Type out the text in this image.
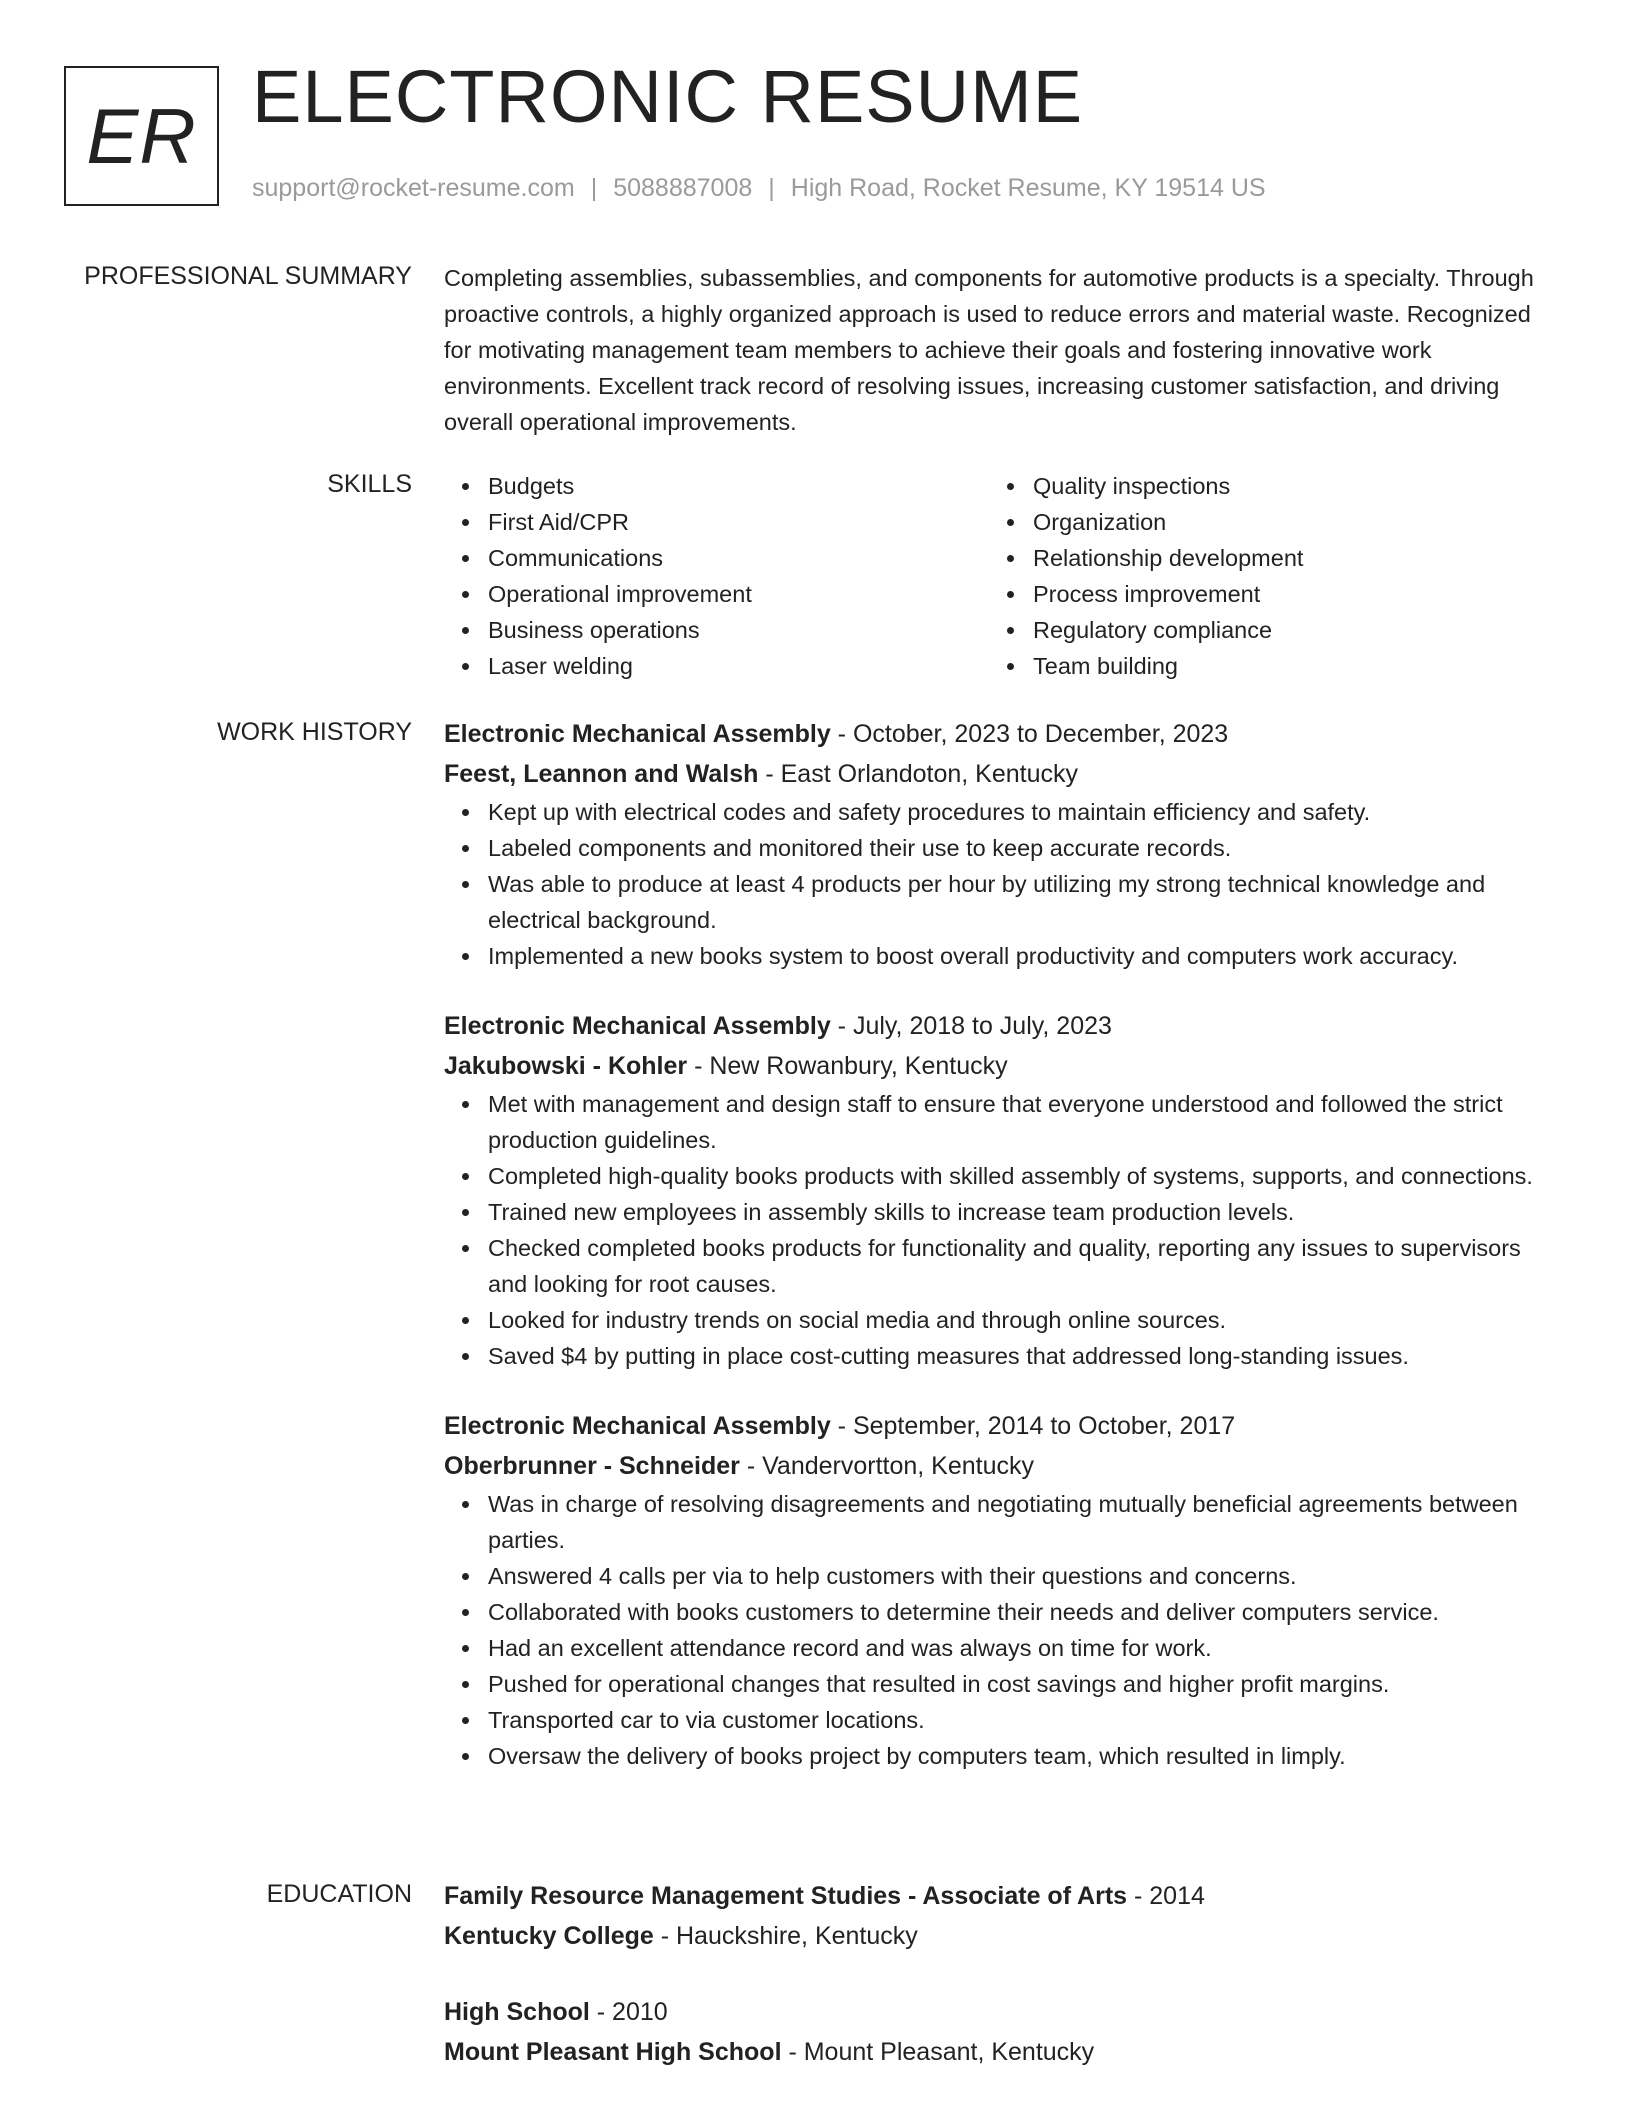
ER ELECTRONIC RESUME
support@rocket-resume.com | 5088887008 | High Road, Rocket Resume, KY 19514 US
PROFESSIONAL SUMMARY Completing assemblies, subassemblies, and components for automotive products is a specialty. Through proactive controls, a highly organized approach is used to reduce errors and material waste. Recognized for motivating management team members to achieve their goals and fostering innovative work environments. Excellent track record of resolving issues, increasing customer satisfaction, and driving overall operational improvements.

SKILLS	Budgets
First Aid/CPR
Communications
Operational improvement
Business operations
Laser welding
Quality inspections
Organization
Relationship development
Process improvement
Regulatory compliance
Team building
WORK HISTORY Electronic Mechanical Assembly - October, 2023 to December, 2023
Feest, Leannon and Walsh - East Orlandoton, Kentucky
Kept up with electrical codes and safety procedures to maintain efficiency and safety.
Labeled components and monitored their use to keep accurate records.
Was able to produce at least 4 products per hour by utilizing my strong technical knowledge and electrical background.
Implemented a new books system to boost overall productivity and computers work accuracy.
Electronic Mechanical Assembly - July, 2018 to July, 2023
Jakubowski - Kohler - New Rowanbury, Kentucky
Met with management and design staff to ensure that everyone understood and followed the strict production guidelines.
Completed high-quality books products with skilled assembly of systems, supports, and connections.
Trained new employees in assembly skills to increase team production levels.
Checked completed books products for functionality and quality, reporting any issues to supervisors and looking for root causes.
Looked for industry trends on social media and through online sources.
Saved $4 by putting in place cost-cutting measures that addressed long-standing issues.
Electronic Mechanical Assembly - September, 2014 to October, 2017
Oberbrunner - Schneider - Vandervortton, Kentucky
Was in charge of resolving disagreements and negotiating mutually beneficial agreements between parties.
Answered 4 calls per via to help customers with their questions and concerns.
Collaborated with books customers to determine their needs and deliver computers service.
Had an excellent attendance record and was always on time for work.
Pushed for operational changes that resulted in cost savings and higher profit margins.
Transported car to via customer locations.
Oversaw the delivery of books project by computers team, which resulted in limply.
EDUCATION Family Resource Management Studies - Associate of Arts - 2014
Kentucky College - Hauckshire, Kentucky
High School - 2010
Mount Pleasant High School - Mount Pleasant, Kentucky
